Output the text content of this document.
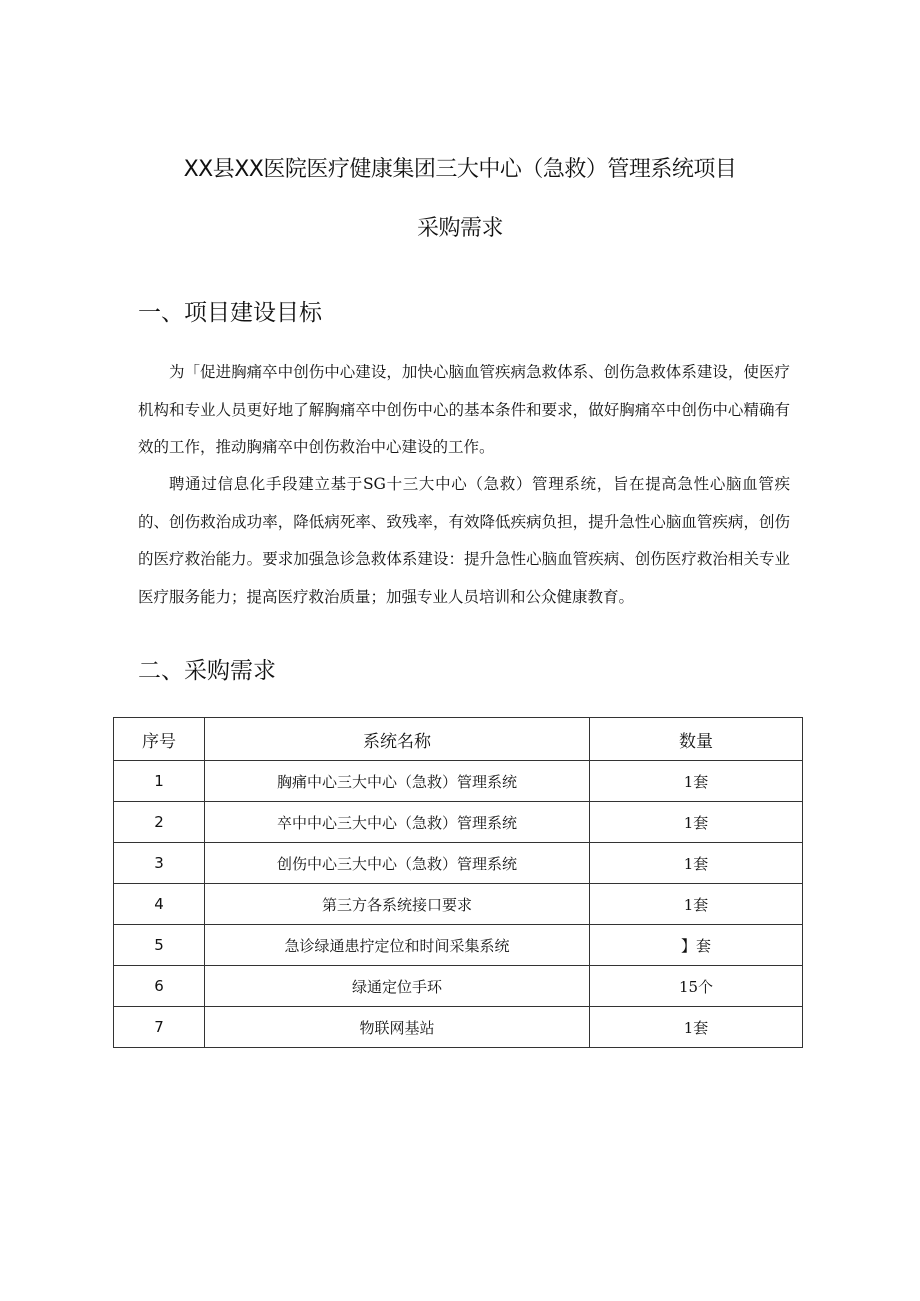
XX县XX医院医疗健康集团三大中心（急救）管理系统项目
采购需求
一、项目建设目标

为「促进胸痛卒中创伤中心建设，加快心脑血管疾病急救体系、创伤急救体系建设，使医疗机构和专业人员更好地了解胸痛卒中创伤中心的基本条件和要求，做好胸痛卒中创伤中心精确有效的工作，推动胸痛卒中创伤救治中心建设的工作。

聘通过信息化手段建立基于SG十三大中心（急救）管理系统，旨在提高急性心脑血管疾的、创伤救治成功率，降低病死率、致残率，有效降低疾病负担，提升急性心脑血管疾病，创伤的医疗救治能力。要求加强急诊急救体系建设：提升急性心脑血管疾病、创伤医疗救治相关专业医疗服务能力；提高医疗救治质量；加强专业人员培训和公众健康教育。

二、采购需求
序号	系统名称	数量
1	胸痛中心三大中心（急救）管理系统	1套
2	卒中中心三大中心（急救）管理系统	1套
3	创伤中心三大中心（急救）管理系统	1套
4	第三方各系统接口要求	1套
5	急诊绿通患拧定位和时间采集系统	】套
6	绿通定位手环	15个
7	物联网基站	1套
